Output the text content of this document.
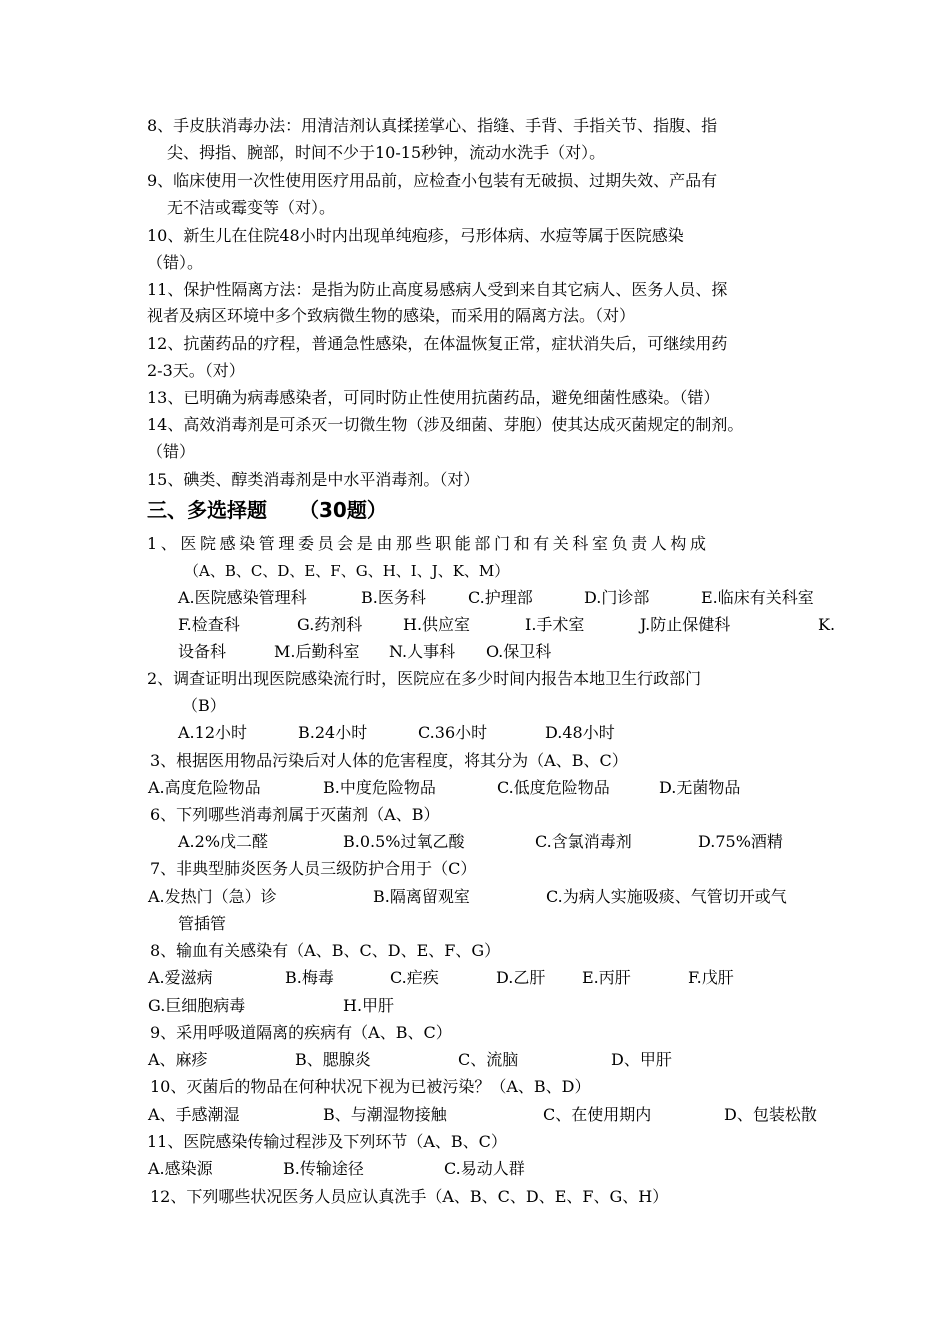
8、手皮肤消毒办法：用清洁剂认真揉搓掌心、指缝、手背、手指关节、指腹、指
尖、拇指、腕部，时间不少于10-15秒钟，流动水洗手（对）。
9、临床使用一次性使用医疗用品前，应检查小包装有无破损、过期失效、产品有
无不洁或霉变等（对）。
10、新生儿在住院48小时内出现单纯疱疹，弓形体病、水痘等属于医院感染
（错）。
11、保护性隔离方法：是指为防止高度易感病人受到来自其它病人、医务人员、探
视者及病区环境中多个致病微生物的感染，而采用的隔离方法。（对）
12、抗菌药品的疗程，普通急性感染，在体温恢复正常，症状消失后，可继续用药
2-3天。（对）
13、已明确为病毒感染者，可同时防止性使用抗菌药品，避免细菌性感染。（错）
14、高效消毒剂是可杀灭一切微生物（涉及细菌、芽胞）使其达成灭菌规定的制剂。
（错）
15、碘类、醇类消毒剂是中水平消毒剂。（对）
三、多选择题 （30题）
1、医院感染管理委员会是由那些职能部门和有关科室负责人构成
（A、B、C、D、E、F、G、H、I、J、K、M）
A.医院感染管理科	B.医务科	C.护理部	D.门诊部	E.临床有关科室
F.检查科	G.药剂科	H.供应室	I.手术室	J.防止保健科	K.
设备科	M.后勤科室 N.人事科 O.保卫科
2、调查证明出现医院感染流行时，医院应在多少时间内报告本地卫生行政部门
（B）
A.12小时	B.24小时	C.36小时	D.48小时
3、根据医用物品污染后对人体的危害程度，将其分为（A、B、C）
A.高度危险物品	B.中度危险物品	C.低度危险物品	D.无菌物品
6、下列哪些消毒剂属于灭菌剂（A、B）
A.2%戊二醛	B.0.5%过氧乙酸	C.含氯消毒剂	D.75%酒精
7、非典型肺炎医务人员三级防护合用于（C）
A.发热门（急）诊	B.隔离留观室	C.为病人实施吸痰、气管切开或气
管插管
8、输血有关感染有（A、B、C、D、E、F、G）
A.爱滋病	B.梅毒	C.疟疾	D.乙肝 E.丙肝	F.戊肝
G.巨细胞病毒	H.甲肝
9、采用呼吸道隔离的疾病有（A、B、C）
A、麻疹	B、腮腺炎	C、流脑	D、甲肝
10、灭菌后的物品在何种状况下视为已被污染？（A、B、D）
A、手感潮湿	B、与潮湿物接触	C、在使用期内	D、包装松散
11、医院感染传输过程涉及下列环节（A、B、C）
A.感染源	B.传输途径	C.易动人群
12、下列哪些状况医务人员应认真洗手（A、B、C、D、E、F、G、H）
